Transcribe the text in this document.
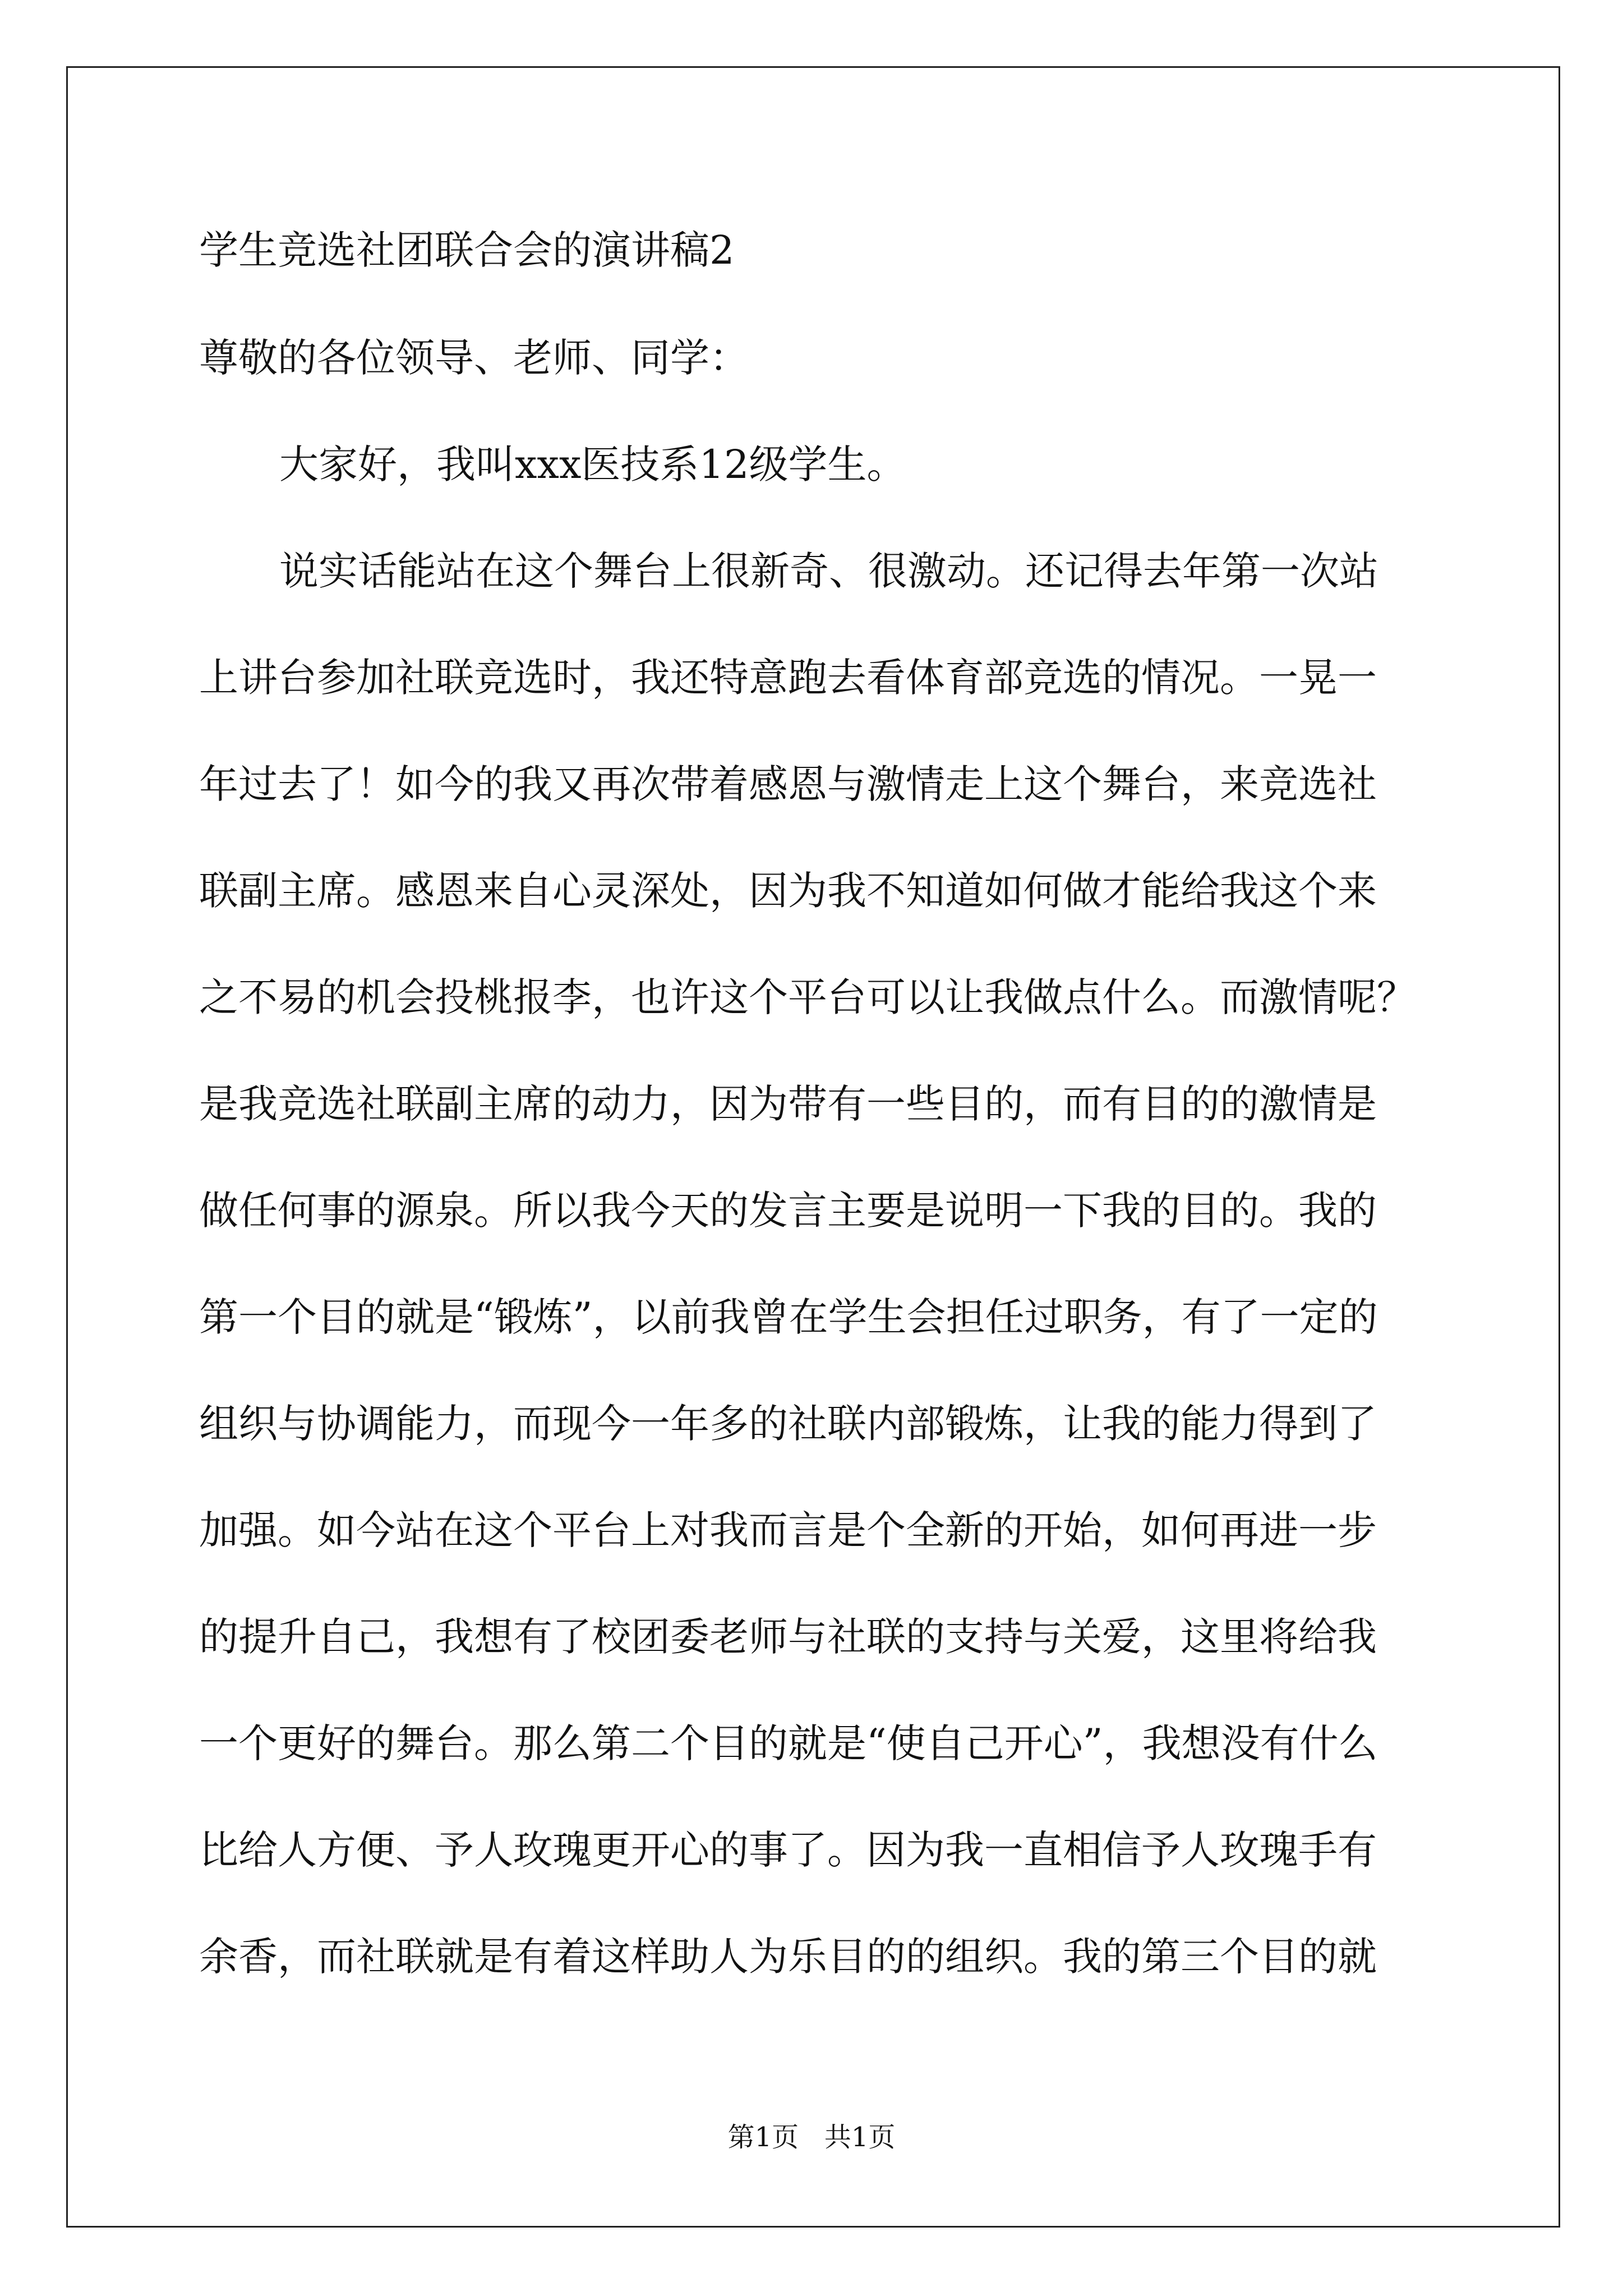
学生竞选社团联合会的演讲稿2
尊敬的各位领导、老师、同学：
大家好，我叫xxx医技系12级学生。
说实话能站在这个舞台上很新奇、很激动。还记得去年第一次站
上讲台参加社联竞选时，我还特意跑去看体育部竞选的情况。一晃一
年过去了！如今的我又再次带着感恩与激情走上这个舞台，来竞选社
联副主席。感恩来自心灵深处，因为我不知道如何做才能给我这个来
之不易的机会投桃报李，也许这个平台可以让我做点什么。而激情呢？
是我竞选社联副主席的动力，因为带有一些目的，而有目的的激情是
做任何事的源泉。所以我今天的发言主要是说明一下我的目的。我的
第一个目的就是“锻炼”，以前我曾在学生会担任过职务，有了一定的
组织与协调能力，而现今一年多的社联内部锻炼，让我的能力得到了
加强。如今站在这个平台上对我而言是个全新的开始，如何再进一步
的提升自己，我想有了校团委老师与社联的支持与关爱，这里将给我
一个更好的舞台。那么第二个目的就是“使自己开心”，我想没有什么
比给人方便、予人玫瑰更开心的事了。因为我一直相信予人玫瑰手有
余香，而社联就是有着这样助人为乐目的的组织。我的第三个目的就
第1页 共1页
